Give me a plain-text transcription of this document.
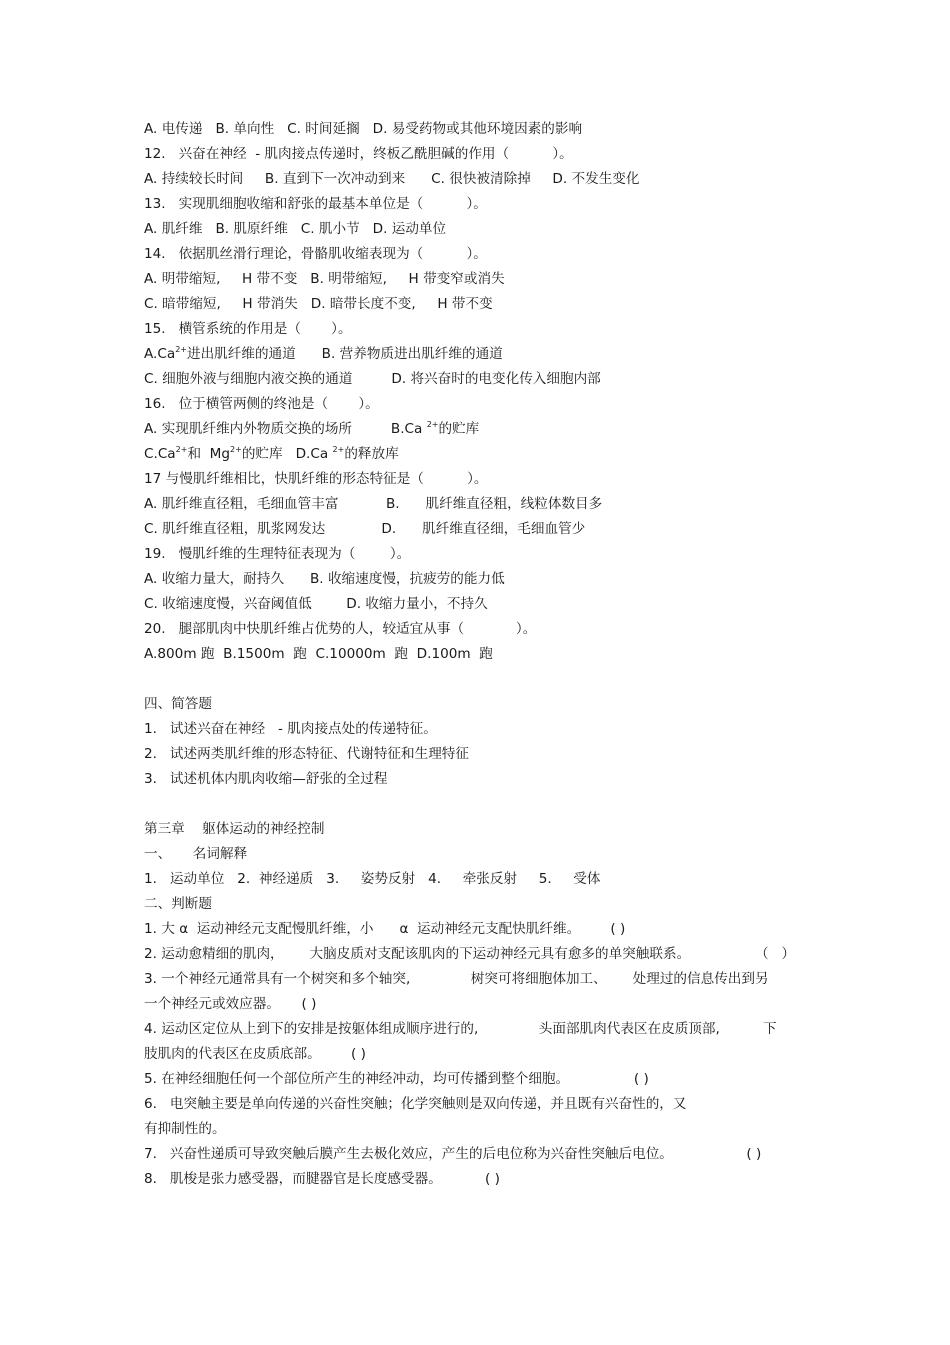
A. 电传递   B. 单向性   C. 时间延搁   D. 易受药物或其他环境因素的影响
12.   兴奋在神经  - 肌肉接点传递时，终板乙酰胆碱的作用（          ）。
A. 持续较长时间     B. 直到下一次冲动到来      C. 很快被清除掉     D. 不发生变化
13.   实现肌细胞收缩和舒张的最基本单位是（          ）。
A. 肌纤维   B. 肌原纤维   C. 肌小节   D. 运动单位
14.   依据肌丝滑行理论，骨骼肌收缩表现为（          ）。
A. 明带缩短,     H 带不变   B. 明带缩短,     H 带变窄或消失
C. 暗带缩短,     H 带消失   D. 暗带长度不变,     H 带不变
15.   横管系统的作用是（       ）。
$A.Ca^{2+}$进出肌纤维的通道      B. 营养物质进出肌纤维的通道
C. 细胞外液与细胞内液交换的通道         D. 将兴奋时的电变化传入细胞内部
16.   位于横管两侧的终池是（       ）。
A. 实现肌纤维内外物质交换的场所         B.Ca $^{2+}$的贮库
$C.Ca^{2+}$和  $Mg^{2+}$的贮库   D.Ca $^{2+}$的释放库
17 与慢肌纤维相比，快肌纤维的形态特征是（          ）。
A. 肌纤维直径粗，毛细血管丰富           B.      肌纤维直径粗，线粒体数目多
C. 肌纤维直径粗，肌浆网发达             D.      肌纤维直径细，毛细血管少
19.   慢肌纤维的生理特征表现为（        ）。
A. 收缩力量大，耐持久      B. 收缩速度慢，抗疲劳的能力低
C. 收缩速度慢，兴奋阈值低        D. 收缩力量小，不持久
20.   腿部肌肉中快肌纤维占优势的人，较适宜从事（            ）。
A.800m 跑  B.1500m  跑  C.10000m  跑  D.100m  跑
四、简答题
1.   试述兴奋在神经   - 肌肉接点处的传递特征。
2.   试述两类肌纤维的形态特征、代谢特征和生理特征
3.   试述机体内肌肉收缩—舒张的全过程
第三章    躯体运动的神经控制
一、     名词解释
1.   运动单位   2.  神经递质   3.     姿势反射   4.     牵张反射     5.     受体
二、判断题
1. 大 α  运动神经元支配慢肌纤维，小      α  运动神经元支配快肌纤维。       ( )
2. 运动愈精细的肌肉，      大脑皮质对支配该肌肉的下运动神经元具有愈多的单突触联系。               （   ）
3. 一个神经元通常具有一个树突和多个轴突,              树突可将细胞体加工、      处理过的信息传出到另
一个神经元或效应器。     ( )
4. 运动区定位从上到下的安排是按躯体组成顺序进行的,              头面部肌肉代表区在皮质顶部,          下
肢肌肉的代表区在皮质底部。       ( )
5. 在神经细胞任何一个部位所产生的神经冲动，均可传播到整个细胞。               ( )
6.   电突触主要是单向传递的兴奋性突触；化学突触则是双向传递，并且既有兴奋性的，又
有抑制性的。
7.   兴奋性递质可导致突触后膜产生去极化效应，产生的后电位称为兴奋性突触后电位。                 ( )
8.   肌梭是张力感受器，而腱器官是长度感受器。          ( )
